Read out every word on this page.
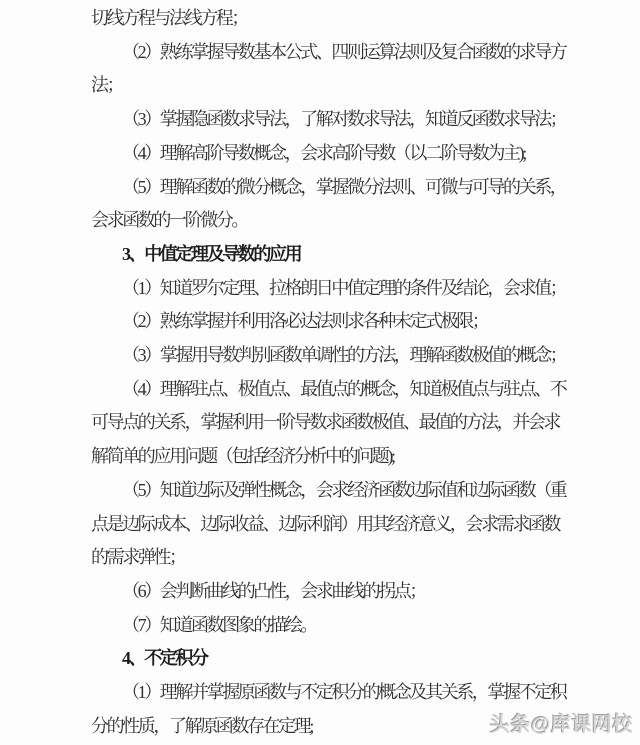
切线方程与法线方程；
（2）熟练掌握导数基本公式、四则运算法则及复合函数的求导方
法；
（3）掌握隐函数求导法，了解对数求导法，知道反函数求导法；
（4）理解高阶导数概念，会求高阶导数（以二阶导数为主);
（5）理解函数的微分概念，掌握微分法则、可微与可导的关系，
会求函数的一阶微分。
3、中值定理及导数的应用
（1）知道罗尔定理、拉格朗日中值定理的条件及结论，会求值；
（2）熟练掌握并利用洛必达法则求各种未定式极限；
（3）掌握用导数判别函数单调性的方法，理解函数极值的概念；
（4）理解驻点、极值点、最值点的概念，知道极值点与驻点、不
可导点的关系，掌握利用一阶导数求函数极值、最值的方法，并会求
解简单的应用问题（包括经济分析中的问题);
（5）知道边际及弹性概念，会求经济函数边际值和边际函数（重
点是边际成本、边际收益、边际利润）用其经济意义，会求需求函数
的需求弹性；
（6）会判断曲线的凸性，会求曲线的拐点；
（7）知道函数图象的描绘。
4、不定积分
（1）理解并掌握原函数与不定积分的概念及其关系，掌握不定积
分的性质，了解原函数存在定理;	头条@库课网校
